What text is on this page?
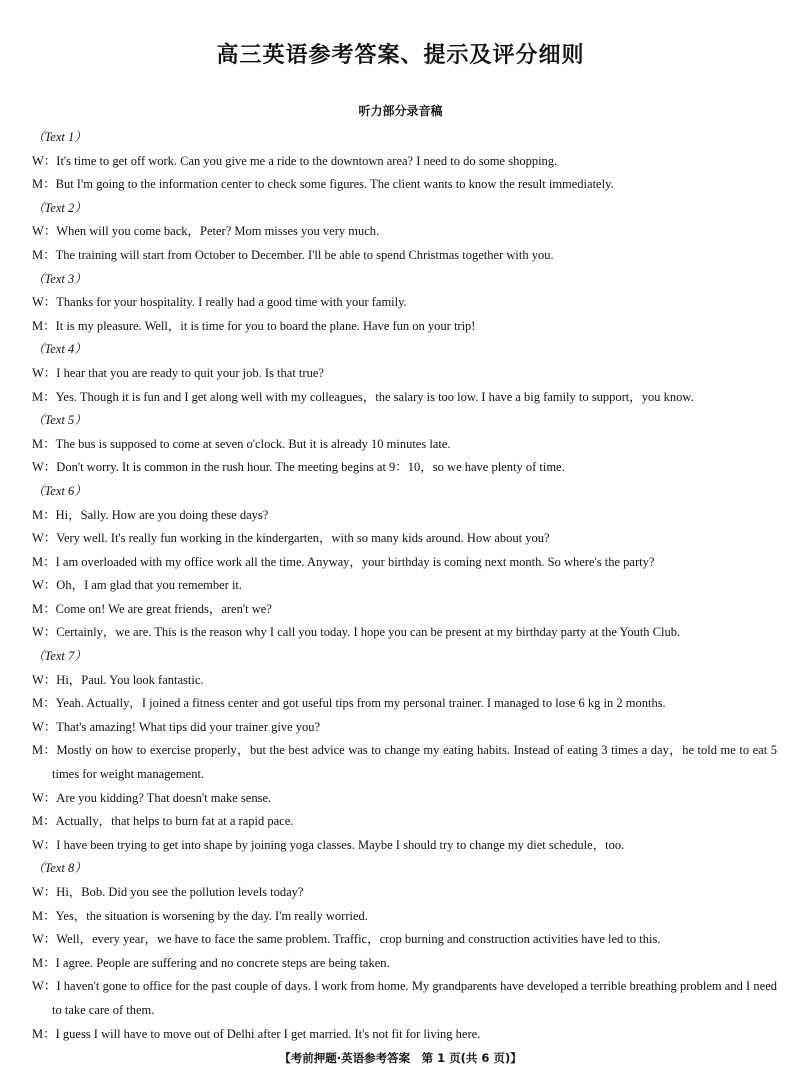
高三英语参考答案、提示及评分细则
听力部分录音稿
（Text 1）
W：It's time to get off work. Can you give me a ride to the downtown area? I need to do some shopping.
M：But I'm going to the information center to check some figures. The client wants to know the result immediately.
（Text 2）
W：When will you come back，Peter? Mom misses you very much.
M：The training will start from October to December. I'll be able to spend Christmas together with you.
（Text 3）
W：Thanks for your hospitality. I really had a good time with your family.
M：It is my pleasure. Well，it is time for you to board the plane. Have fun on your trip!
（Text 4）
W：I hear that you are ready to quit your job. Is that true?
M：Yes. Though it is fun and I get along well with my colleagues，the salary is too low. I have a big family to support，you know.
（Text 5）
M：The bus is supposed to come at seven o'clock. But it is already 10 minutes late.
W：Don't worry. It is common in the rush hour. The meeting begins at 9：10，so we have plenty of time.
（Text 6）
M：Hi，Sally. How are you doing these days?
W：Very well. It's really fun working in the kindergarten，with so many kids around. How about you?
M：I am overloaded with my office work all the time. Anyway，your birthday is coming next month. So where's the party?
W：Oh，I am glad that you remember it.
M：Come on! We are great friends，aren't we?
W：Certainly，we are. This is the reason why I call you today. I hope you can be present at my birthday party at the Youth Club.
（Text 7）
W：Hi，Paul. You look fantastic.
M：Yeah. Actually，I joined a fitness center and got useful tips from my personal trainer. I managed to lose 6 kg in 2 months.
W：That's amazing! What tips did your trainer give you?
M：Mostly on how to exercise properly，but the best advice was to change my eating habits. Instead of eating 3 times a day，he told me to eat 5 times for weight management.
W：Are you kidding? That doesn't make sense.
M：Actually，that helps to burn fat at a rapid pace.
W：I have been trying to get into shape by joining yoga classes. Maybe I should try to change my diet schedule，too.
（Text 8）
W：Hi，Bob. Did you see the pollution levels today?
M：Yes，the situation is worsening by the day. I'm really worried.
W：Well，every year，we have to face the same problem. Traffic，crop burning and construction activities have led to this.
M：I agree. People are suffering and no concrete steps are being taken.
W：I haven't gone to office for the past couple of days. I work from home. My grandparents have developed a terrible breathing problem and I need to take care of them.
M：I guess I will have to move out of Delhi after I get married. It's not fit for living here.
【考前押题·英语参考答案　第 1 页(共 6 页)】
